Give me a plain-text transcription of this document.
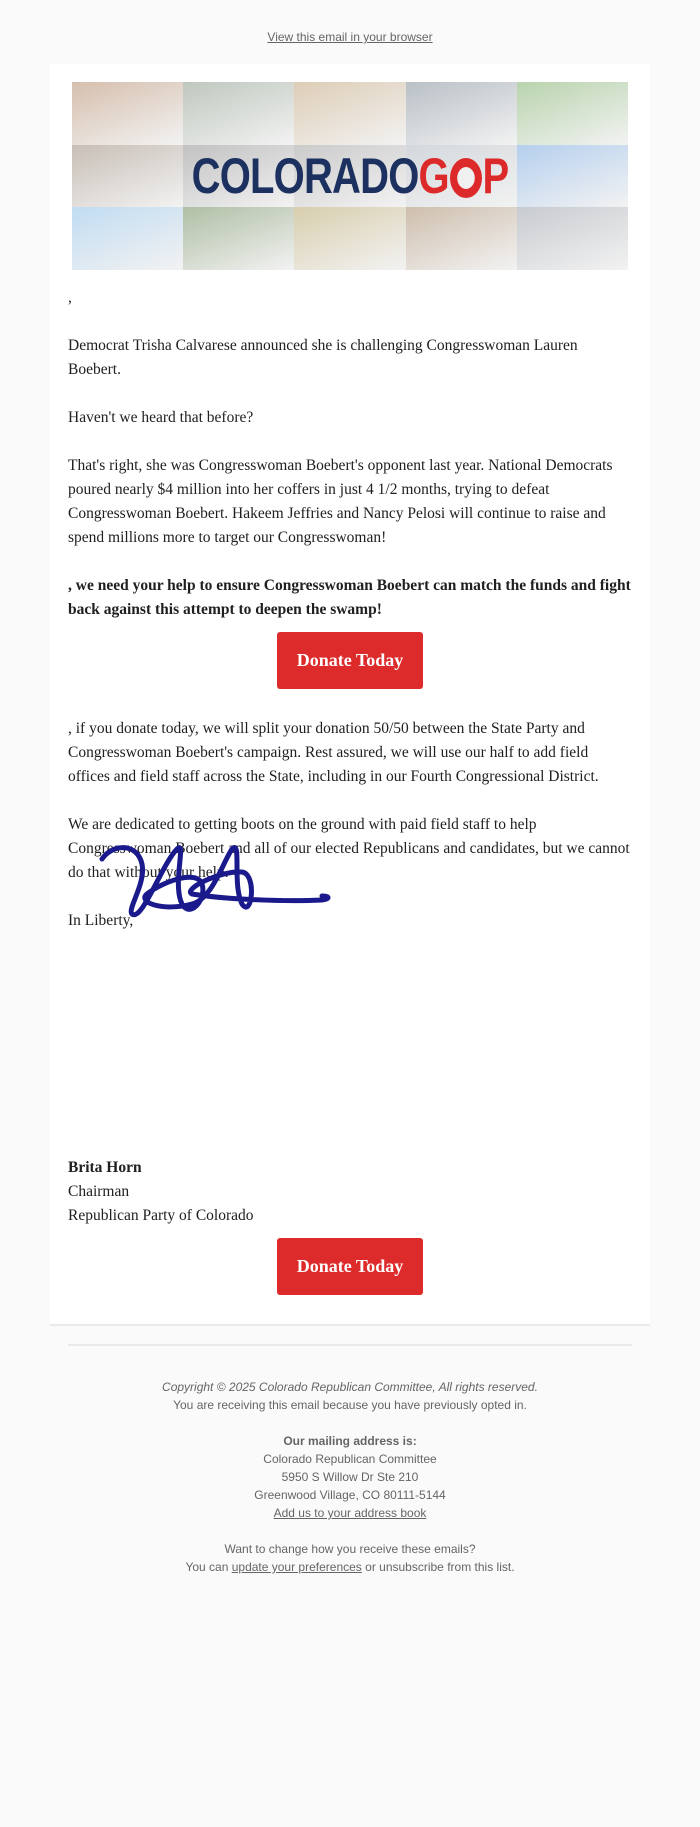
View this email in your browser
COLORADO G P

,

Democrat Trisha Calvarese announced she is challenging Congresswoman Lauren Boebert.

Haven't we heard that before?

That's right, she was Congresswoman Boebert's opponent last year. National Democrats poured nearly $4 million into her coffers in just 4 1/2 months, trying to defeat Congresswoman Boebert. Hakeem Jeffries and Nancy Pelosi will continue to raise and spend millions more to target our Congresswoman!

, we need your help to ensure Congresswoman Boebert can match the funds and fight back against this attempt to deepen the swamp!

Donate Today

, if you donate today, we will split your donation 50/50 between the State Party and Congresswoman Boebert's campaign. Rest assured, we will use our half to add field offices and field staff across the State, including in our Fourth Congressional District.

We are dedicated to getting boots on the ground with paid field staff to help Congresswoman Boebert and all of our elected Republicans and candidates, but we cannot do that without your help.

In Liberty,

Brita Horn
Chairman
Republican Party of Colorado
Donate Today
Copyright © 2025 Colorado Republican Committee, All rights reserved.
You are receiving this email because you have previously opted in.
Our mailing address is:
Colorado Republican Committee
5950 S Willow Dr Ste 210
Greenwood Village, CO 80111-5144
Add us to your address book
Want to change how you receive these emails?
You can update your preferences or unsubscribe from this list.
